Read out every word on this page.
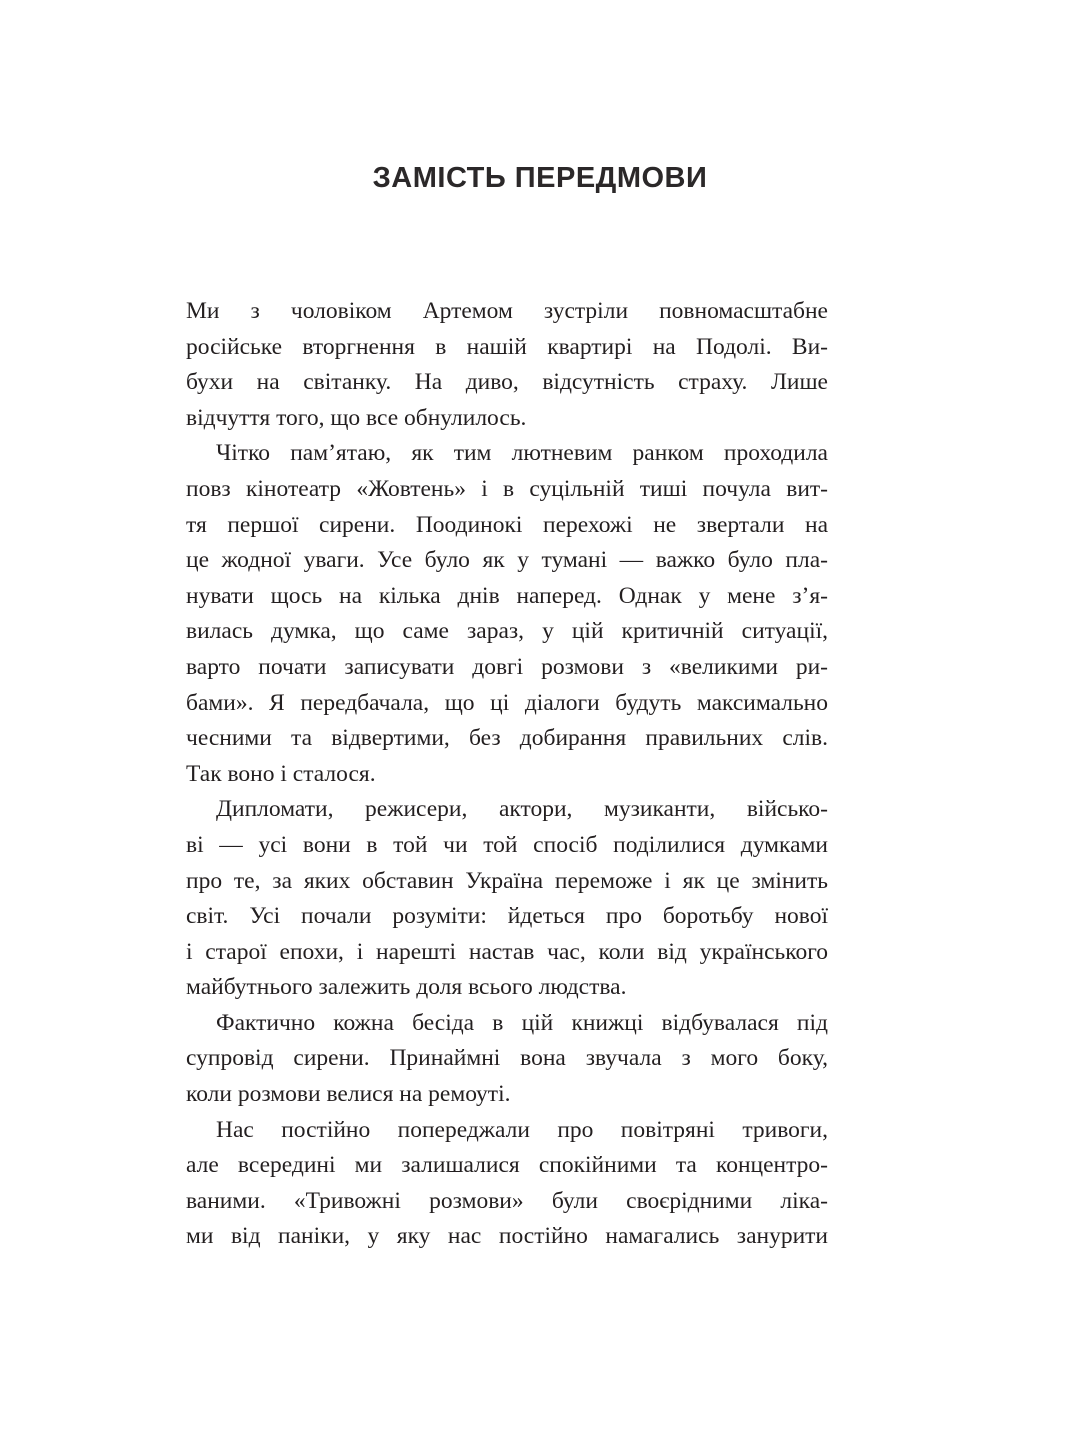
ЗАМІСТЬ ПЕРЕДМОВИ

Ми з чоловіком Артемом зустріли повномасштабне
російське вторгнення в нашій квартирі на Подолі. Ви-
бухи на світанку. На диво, відсутність страху. Лише
відчуття того, що все обнулилось.

Чітко пам’ятаю, як тим лютневим ранком проходила
повз кінотеатр «Жовтень» і в суцільній тиші почула вит-
тя першої сирени. Поодинокі перехожі не звертали на
це жодної уваги. Усе було як у тумані — важко було пла-
нувати щось на кілька днів наперед. Однак у мене з’я-
вилась думка, що саме зараз, у цій критичній ситуації,
варто почати записувати довгі розмови з «великими ри-
бами». Я передбачала, що ці діалоги будуть максимально
чесними та відвертими, без добирання правильних слів.
Так воно і сталося.

Дипломати, режисери, актори, музиканти, військо-
ві — усі вони в той чи той спосіб поділилися думками
про те, за яких обставин Україна переможе і як це змінить
світ. Усі почали розуміти: йдеться про боротьбу нової
і старої епохи, і нарешті настав час, коли від українського
майбутнього залежить доля всього людства.

Фактично кожна бесіда в цій книжці відбувалася під
супровід сирени. Принаймні вона звучала з мого боку,
коли розмови велися на ремоуті.

Нас постійно попереджали про повітряні тривоги,
але всередині ми залишалися спокійними та концентро-
ваними. «Тривожні розмови» були своєрідними ліка-
ми від паніки, у яку нас постійно намагались занурити
